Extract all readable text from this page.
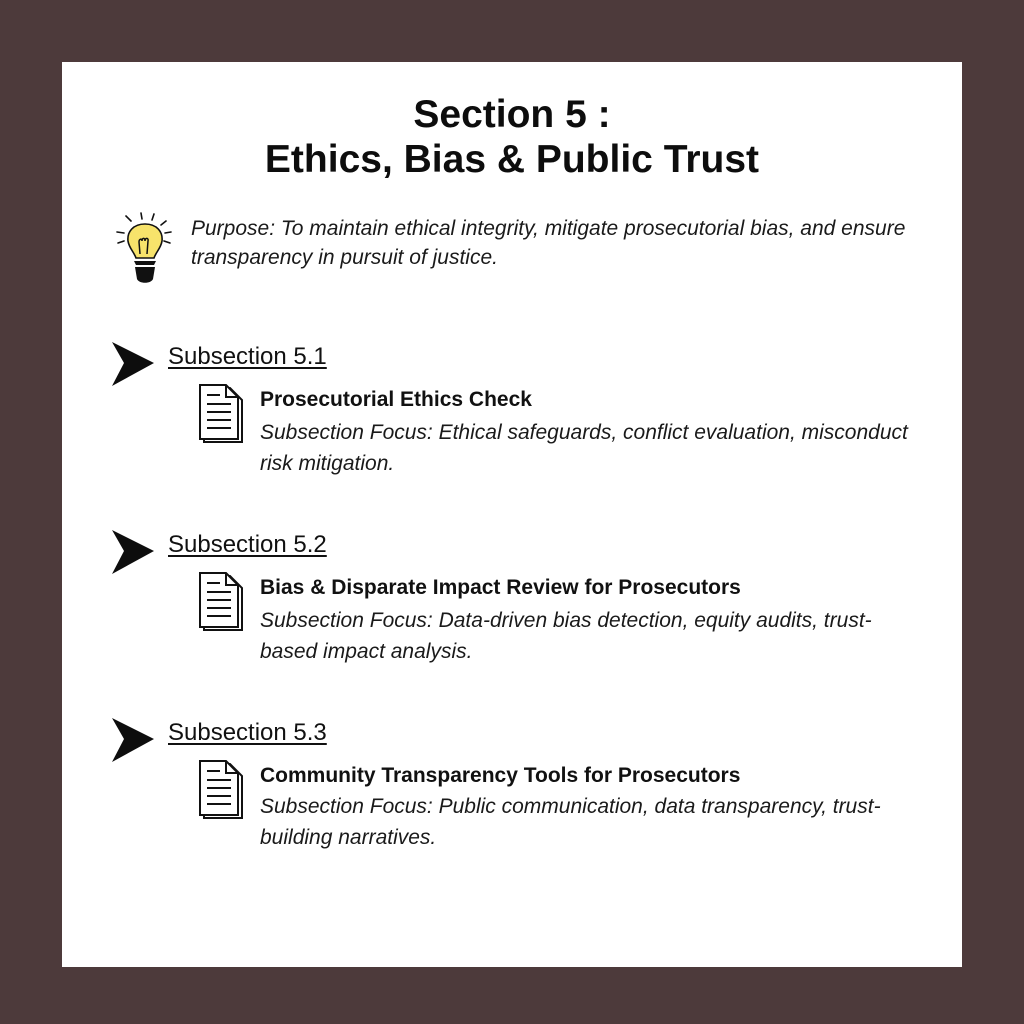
Section 5 :
Ethics, Bias & Public Trust
Purpose: To maintain ethical integrity, mitigate prosecutorial bias, and ensure transparency in pursuit of justice.
Subsection 5.1
Prosecutorial Ethics Check
Subsection Focus: Ethical safeguards, conflict evaluation, misconduct risk mitigation.
Subsection 5.2
Bias & Disparate Impact Review for Prosecutors
Subsection Focus: Data-driven bias detection, equity audits, trust-based impact analysis.
Subsection 5.3
Community Transparency Tools for Prosecutors
Subsection Focus: Public communication, data transparency, trust-building narratives.
